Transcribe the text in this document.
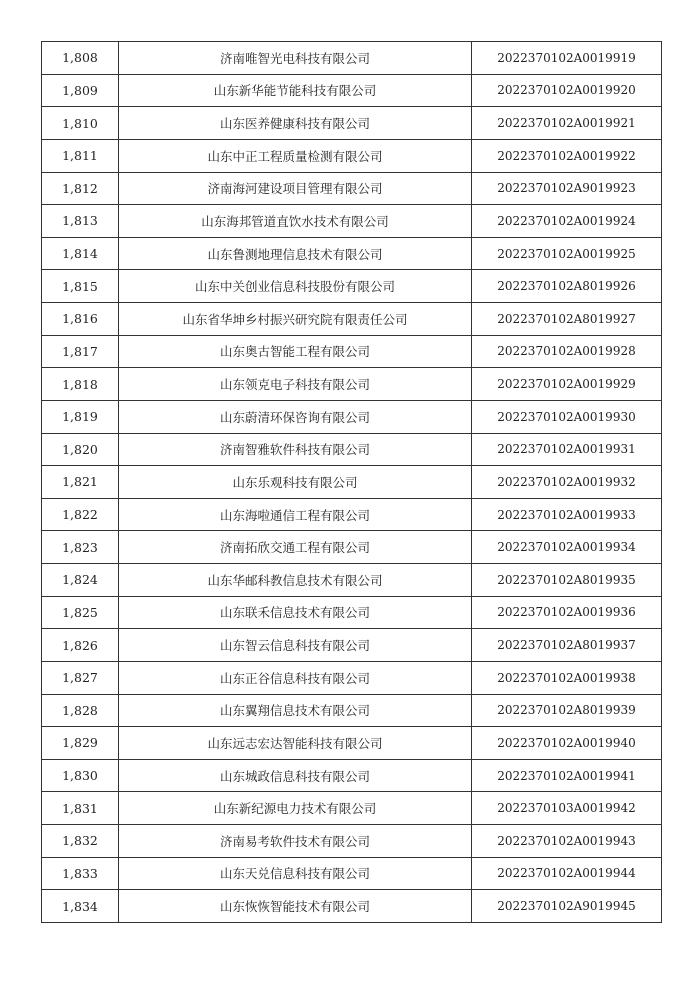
1,808	济南唯智光电科技有限公司	2022370102A0019919
1,809	山东新华能节能科技有限公司	2022370102A0019920
1,810	山东医养健康科技有限公司	2022370102A0019921
1,811	山东中正工程质量检测有限公司	2022370102A0019922
1,812	济南海河建设项目管理有限公司	2022370102A9019923
1,813	山东海邦管道直饮水技术有限公司	2022370102A0019924
1,814	山东鲁测地理信息技术有限公司	2022370102A0019925
1,815	山东中关创业信息科技股份有限公司	2022370102A8019926
1,816	山东省华坤乡村振兴研究院有限责任公司	2022370102A8019927
1,817	山东奥古智能工程有限公司	2022370102A0019928
1,818	山东领克电子科技有限公司	2022370102A0019929
1,819	山东蔚清环保咨询有限公司	2022370102A0019930
1,820	济南智雅软件科技有限公司	2022370102A0019931
1,821	山东乐观科技有限公司	2022370102A0019932
1,822	山东海啦通信工程有限公司	2022370102A0019933
1,823	济南拓欣交通工程有限公司	2022370102A0019934
1,824	山东华邮科教信息技术有限公司	2022370102A8019935
1,825	山东联禾信息技术有限公司	2022370102A0019936
1,826	山东智云信息科技有限公司	2022370102A8019937
1,827	山东正谷信息科技有限公司	2022370102A0019938
1,828	山东翼翔信息技术有限公司	2022370102A8019939
1,829	山东远志宏达智能科技有限公司	2022370102A0019940
1,830	山东城政信息科技有限公司	2022370102A0019941
1,831	山东新纪源电力技术有限公司	2022370103A0019942
1,832	济南易考软件技术有限公司	2022370102A0019943
1,833	山东天兑信息科技有限公司	2022370102A0019944
1,834	山东恢恢智能技术有限公司	2022370102A9019945
